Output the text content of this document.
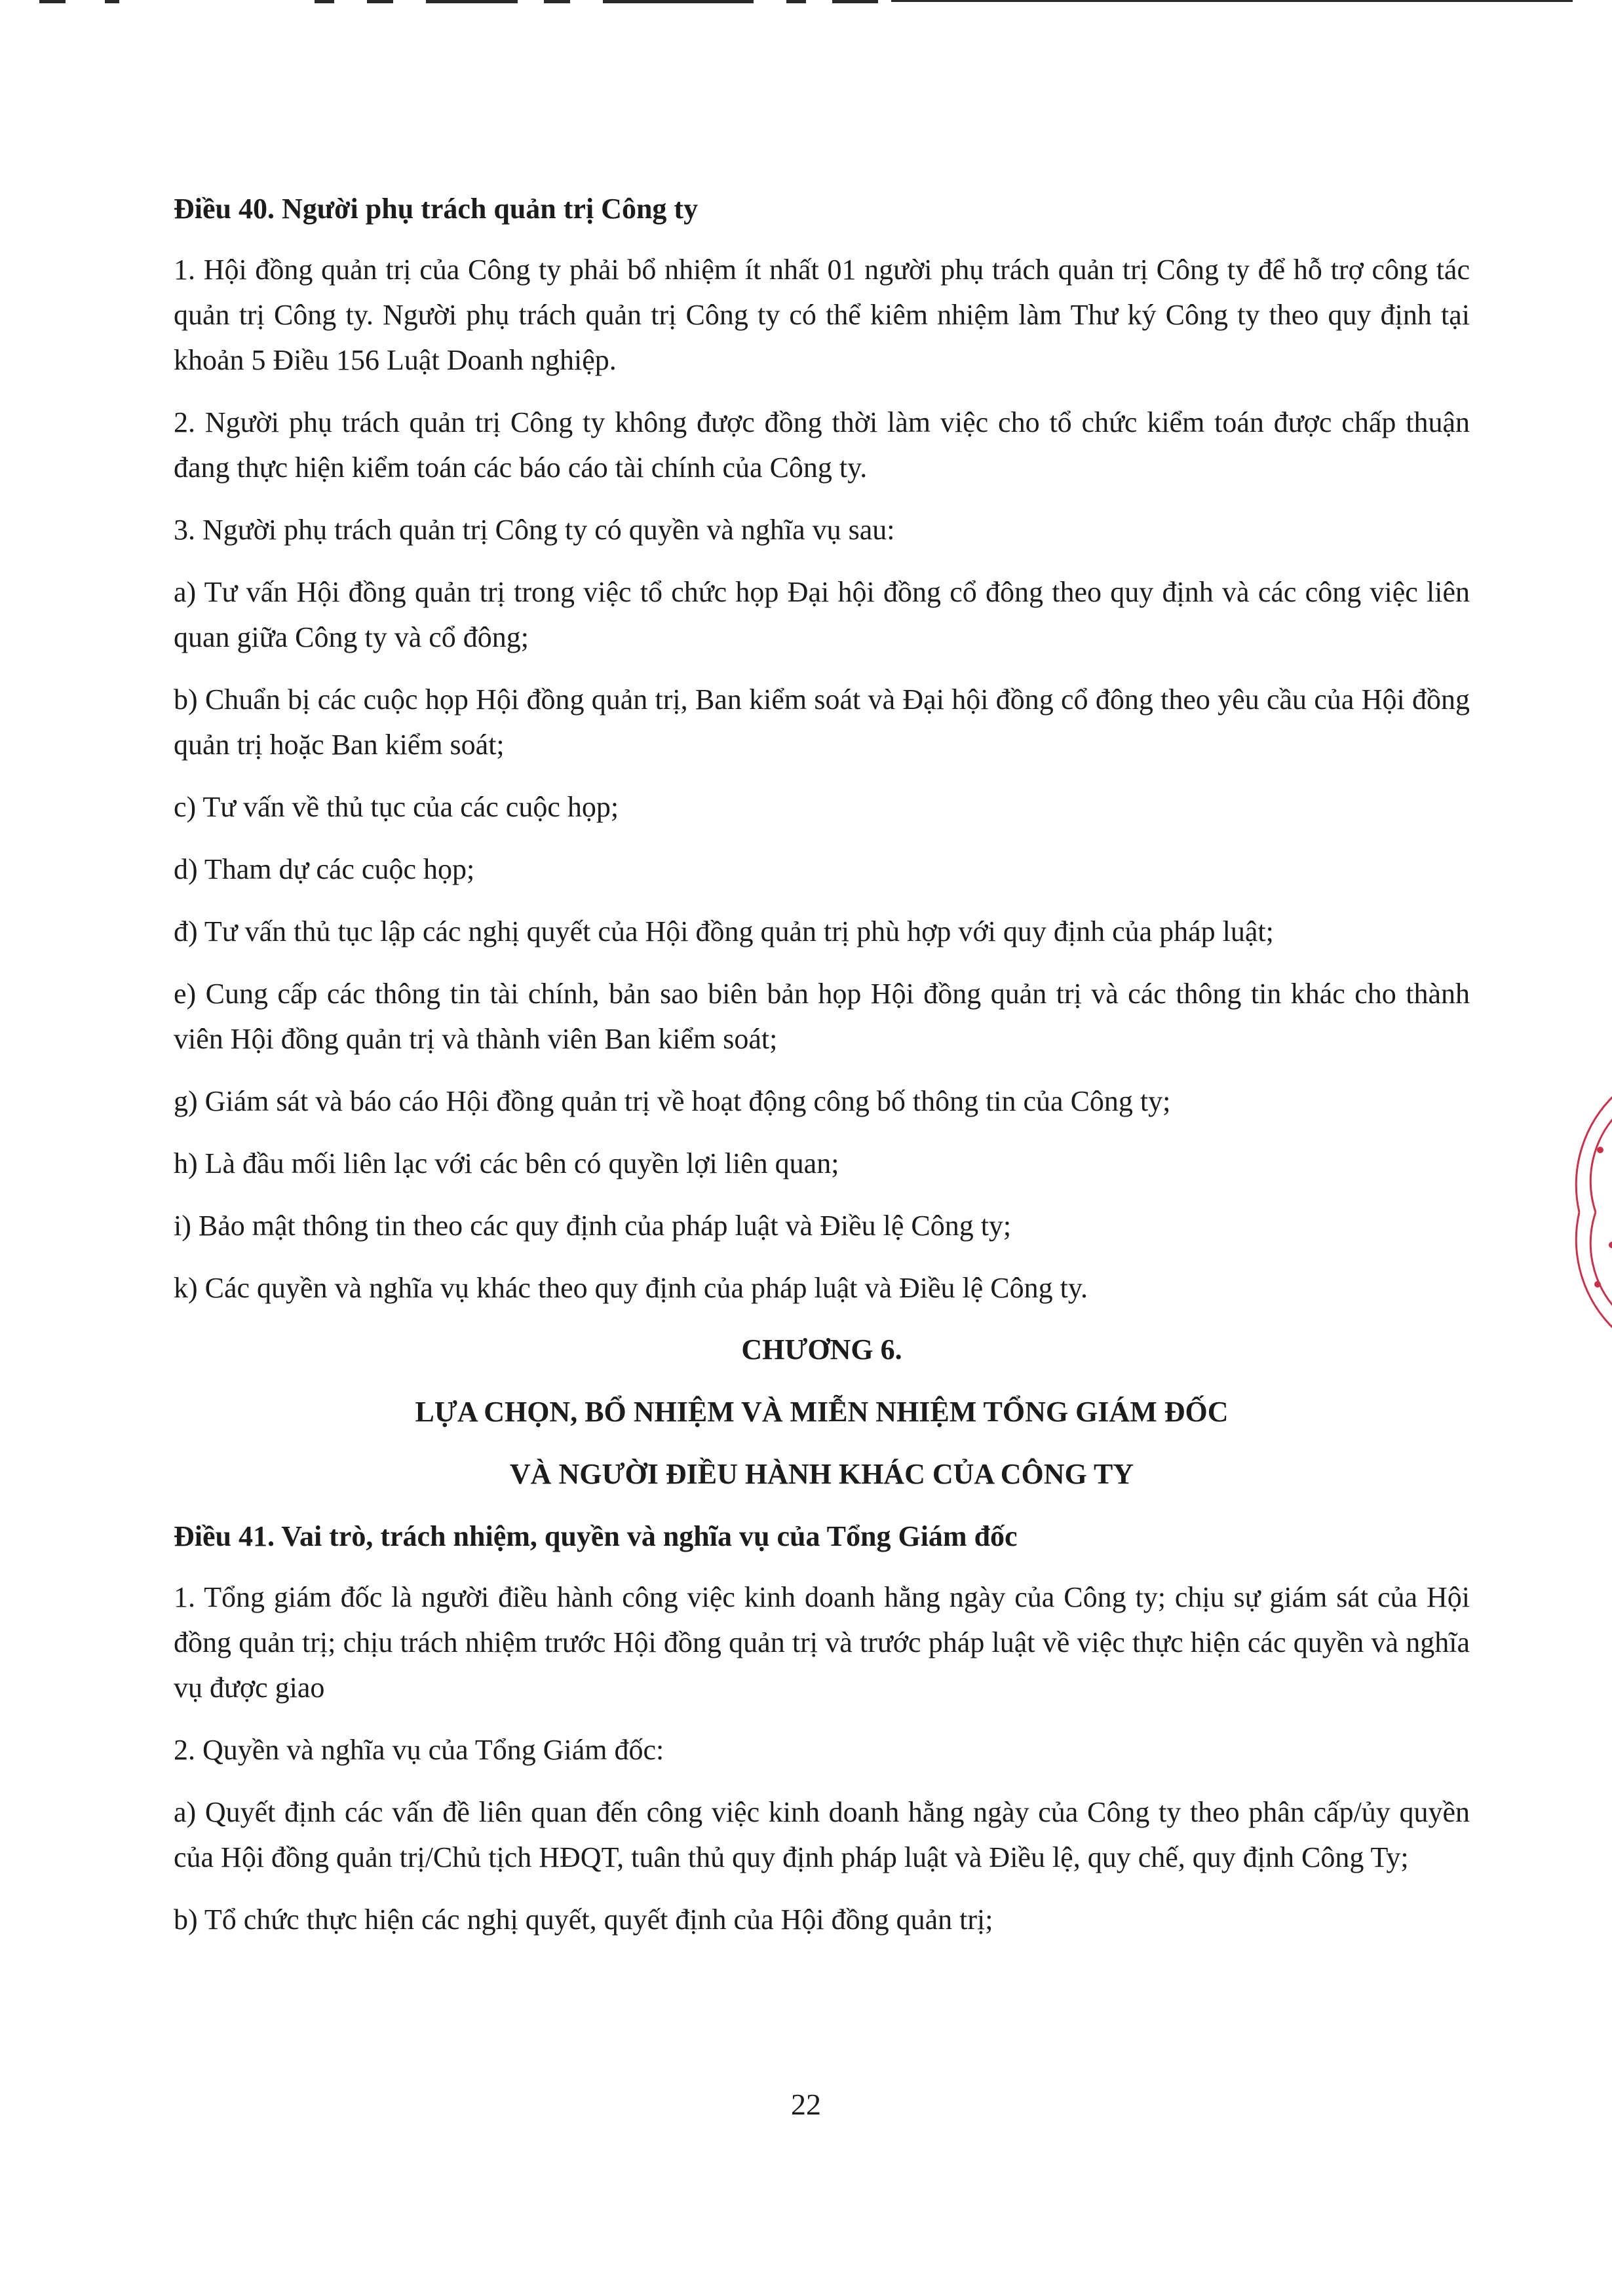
Điều 40. Người phụ trách quản trị Công ty
1. Hội đồng quản trị của Công ty phải bổ nhiệm ít nhất 01 người phụ trách quản trị Công ty để hỗ trợ công tác quản trị Công ty. Người phụ trách quản trị Công ty có thể kiêm nhiệm làm Thư ký Công ty theo quy định tại khoản 5 Điều 156 Luật Doanh nghiệp.
2. Người phụ trách quản trị Công ty không được đồng thời làm việc cho tổ chức kiểm toán được chấp thuận đang thực hiện kiểm toán các báo cáo tài chính của Công ty.
3. Người phụ trách quản trị Công ty có quyền và nghĩa vụ sau:
a) Tư vấn Hội đồng quản trị trong việc tổ chức họp Đại hội đồng cổ đông theo quy định và các công việc liên quan giữa Công ty và cổ đông;
b) Chuẩn bị các cuộc họp Hội đồng quản trị, Ban kiểm soát và Đại hội đồng cổ đông theo yêu cầu của Hội đồng quản trị hoặc Ban kiểm soát;
c) Tư vấn về thủ tục của các cuộc họp;
d) Tham dự các cuộc họp;
đ) Tư vấn thủ tục lập các nghị quyết của Hội đồng quản trị phù hợp với quy định của pháp luật;
e) Cung cấp các thông tin tài chính, bản sao biên bản họp Hội đồng quản trị và các thông tin khác cho thành viên Hội đồng quản trị và thành viên Ban kiểm soát;
g) Giám sát và báo cáo Hội đồng quản trị về hoạt động công bố thông tin của Công ty;
h) Là đầu mối liên lạc với các bên có quyền lợi liên quan;
i) Bảo mật thông tin theo các quy định của pháp luật và Điều lệ Công ty;
k) Các quyền và nghĩa vụ khác theo quy định của pháp luật và Điều lệ Công ty.
CHƯƠNG 6.
LỰA CHỌN, BỔ NHIỆM VÀ MIỄN NHIỆM TỔNG GIÁM ĐỐC
VÀ NGƯỜI ĐIỀU HÀNH KHÁC CỦA CÔNG TY
Điều 41. Vai trò, trách nhiệm, quyền và nghĩa vụ của Tổng Giám đốc
1. Tổng giám đốc là người điều hành công việc kinh doanh hằng ngày của Công ty; chịu sự giám sát của Hội đồng quản trị; chịu trách nhiệm trước Hội đồng quản trị và trước pháp luật về việc thực hiện các quyền và nghĩa vụ được giao
2. Quyền và nghĩa vụ của Tổng Giám đốc:
a) Quyết định các vấn đề liên quan đến công việc kinh doanh hằng ngày của Công ty theo phân cấp/ủy quyền của Hội đồng quản trị/Chủ tịch HĐQT, tuân thủ quy định pháp luật và Điều lệ, quy chế, quy định Công Ty;
b) Tổ chức thực hiện các nghị quyết, quyết định của Hội đồng quản trị;
22
